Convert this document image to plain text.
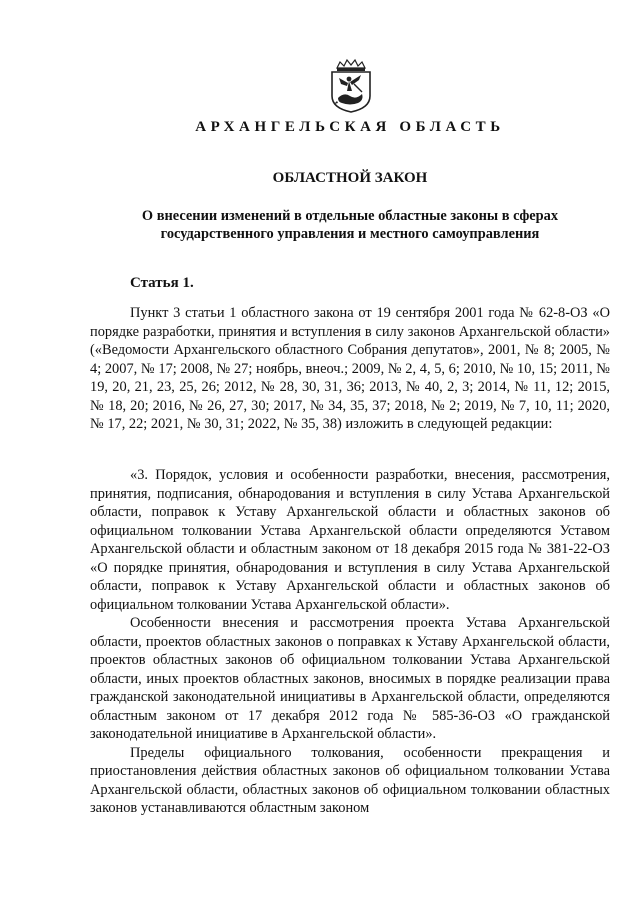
АРХАНГЕЛЬСКАЯ ОБЛАСТЬ
ОБЛАСТНОЙ ЗАКОН
О внесении изменений в отдельные областные законы в сферах государственного управления и местного самоуправления
Статья 1.

Пункт 3 статьи 1 областного закона от 19 сентября 2001 года № 62-8-ОЗ «О порядке разработки, принятия и вступления в силу законов Архангельской области» («Ведомости Архангельского областного Собрания депутатов», 2001, № 8; 2005, № 4; 2007, № 17; 2008, № 27; ноябрь, внеоч.; 2009, № 2, 4, 5, 6; 2010, № 10, 15; 2011, № 19, 20, 21, 23, 25, 26; 2012, № 28, 30, 31, 36; 2013, № 40, 2, 3; 2014, № 11, 12; 2015, № 18, 20; 2016, № 26, 27, 30; 2017, № 34, 35, 37; 2018, № 2; 2019, № 7, 10, 11; 2020, № 17, 22; 2021, № 30, 31; 2022, № 35, 38) изложить в следующей редакции:

«3. Порядок, условия и особенности разработки, внесения, рассмотрения, принятия, подписания, обнародования и вступления в силу Устава Архангельской области, поправок к Уставу Архангельской области и областных законов об официальном толковании Устава Архангельской области определяются Уставом Архангельской области и областным законом от 18 декабря 2015 года № 381-22-ОЗ «О порядке принятия, обнародования и вступления в силу Устава Архангельской области, поправок к Уставу Архангельской области и областных законов об официальном толковании Устава Архангельской области».

Особенности внесения и рассмотрения проекта Устава Архангельской области, проектов областных законов о поправках к Уставу Архангельской области, проектов областных законов об официальном толковании Устава Архангельской области, иных проектов областных законов, вносимых в порядке реализации права гражданской законодательной инициативы в Архангельской области, определяются областным законом от 17 декабря 2012 года № 585-36-ОЗ «О гражданской законодательной инициативе в Архангельской области».

Пределы официального толкования, особенности прекращения и приостановления действия областных законов об официальном толковании Устава Архангельской области, областных законов об официальном толковании областных законов устанавливаются областным законом
